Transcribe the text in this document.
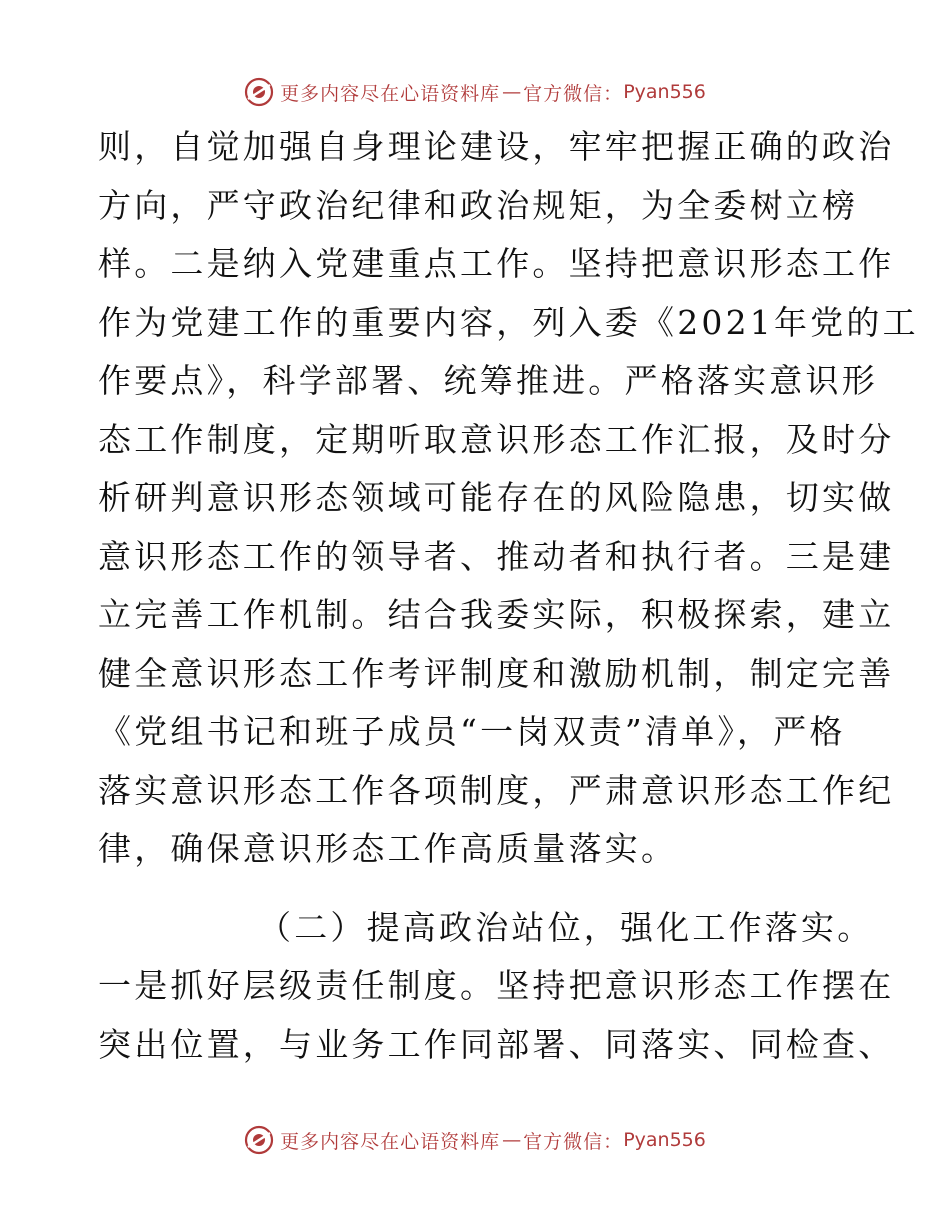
更多内容尽在心语资料库 — 官方微信： Pyan556
则，自觉加强自身理论建设，牢牢把握正确的政治
方向，严守政治纪律和政治规矩，为全委树立榜
样。二是纳入党建重点工作。坚持把意识形态工作
作为党建工作的重要内容，列入委《2021年党的工
作要点》，科学部署、统筹推进。严格落实意识形
态工作制度，定期听取意识形态工作汇报，及时分
析研判意识形态领域可能存在的风险隐患，切实做
意识形态工作的领导者、推动者和执行者。三是建
立完善工作机制。结合我委实际，积极探索，建立
健全意识形态工作考评制度和激励机制，制定完善
《党组书记和班子成员“一岗双责”清单》，严格
落实意识形态工作各项制度，严肃意识形态工作纪
律，确保意识形态工作高质量落实。
（二）提高政治站位，强化工作落实。
一是抓好层级责任制度。坚持把意识形态工作摆在
突出位置，与业务工作同部署、同落实、同检查、
更多内容尽在心语资料库 — 官方微信： Pyan556
